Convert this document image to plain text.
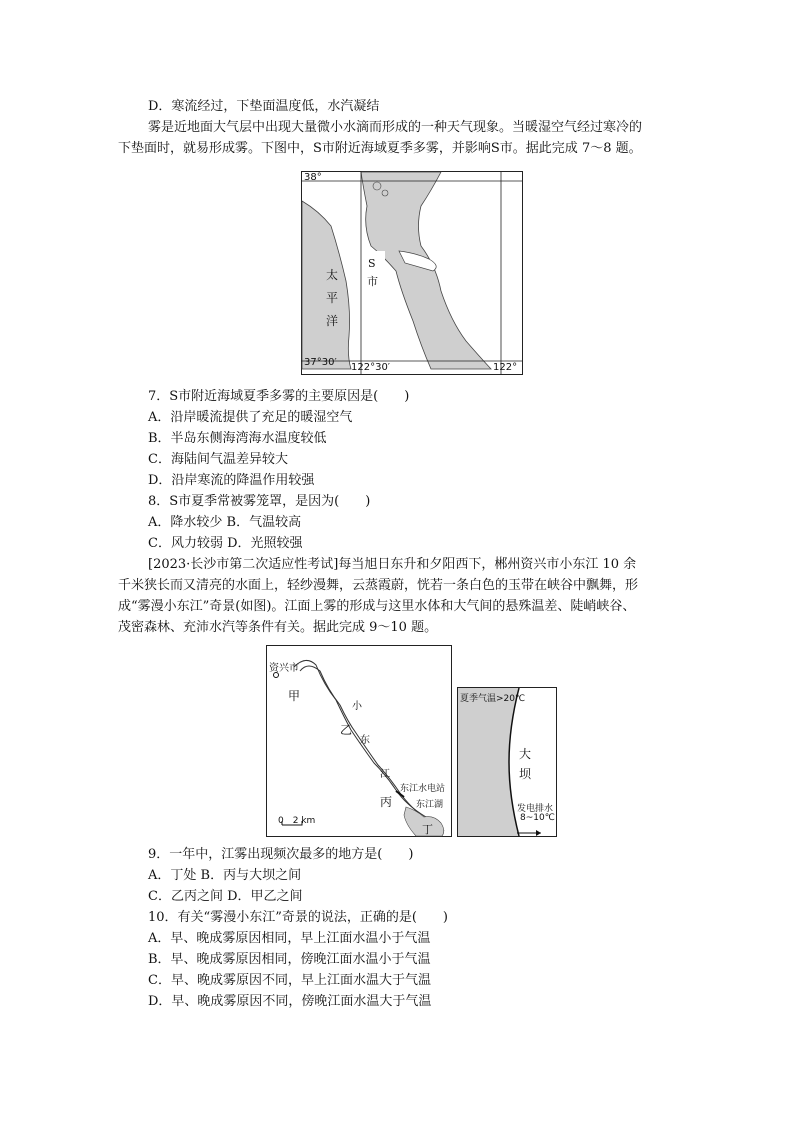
D．寒流经过，下垫面温度低，水汽凝结
雾是近地面大气层中出现大量微小水滴而形成的一种天气现象。当暖湿空气经过寒冷的
下垫面时，就易形成雾。下图中，S市附近海域夏季多雾，并影响S市。据此完成 7～8 题。
38°
37°30′ 122°30′	122°
太
平
洋
S
市
7．S市附近海域夏季多雾的主要原因是(　　)
A．沿岸暖流提供了充足的暖湿空气
B．半岛东侧海湾海水温度较低
C．海陆间气温差异较大
D．沿岸寒流的降温作用较强
8．S市夏季常被雾笼罩，是因为(　　)
A．降水较少 B．气温较高
C．风力较弱 D．光照较强
[2023·长沙市第二次适应性考试]每当旭日东升和夕阳西下，郴州资兴市小东江 10 余
千米狭长而又清亮的水面上，轻纱漫舞，云蒸霞蔚，恍若一条白色的玉带在峡谷中飘舞，形
成“雾漫小东江”奇景(如图)。江面上雾的形成与这里水体和大气间的悬殊温差、陡峭峡谷、
茂密森林、充沛水汽等条件有关。据此完成 9～10 题。
资兴市
甲
小
乙
东
江
丙
东江水电站
东江湖
丁
0　2 km
夏季气温>20℃
大
坝
发电排水
8~10℃
9．一年中，江雾出现频次最多的地方是(　　)
A．丁处 B．丙与大坝之间
C．乙丙之间 D．甲乙之间
10．有关“雾漫小东江”奇景的说法，正确的是(　　)
A．早、晚成雾原因相同，早上江面水温小于气温
B．早、晚成雾原因相同，傍晚江面水温小于气温
C．早、晚成雾原因不同，早上江面水温大于气温
D．早、晚成雾原因不同，傍晚江面水温大于气温
